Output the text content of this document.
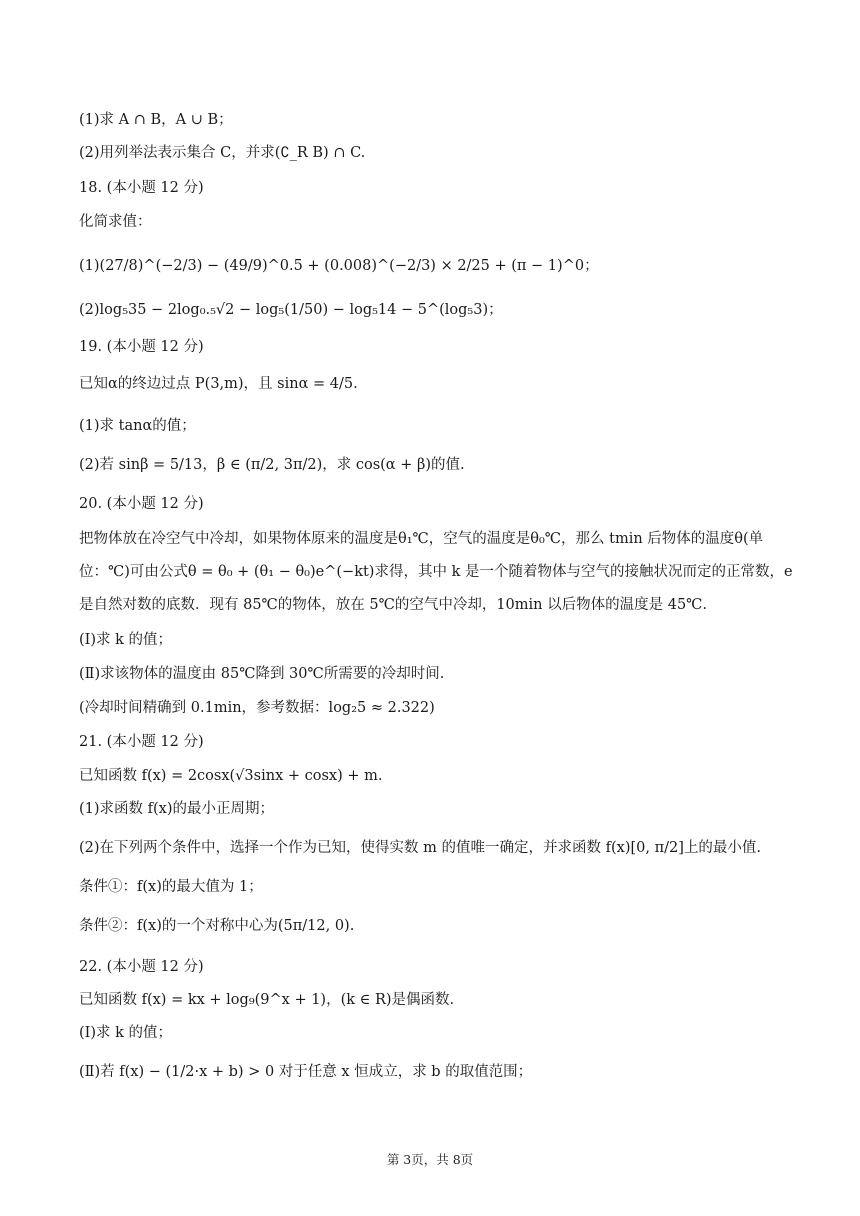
(1)求 A ∩ B，A ∪ B；
(2)用列举法表示集合 C，并求(∁_R B) ∩ C.
18. (本小题 12 分)
化简求值：
(1)(27/8)^(−2/3) − (49/9)^0.5 + (0.008)^(−2/3) × 2/25 + (π − 1)^0；
(2)log₅35 − 2log₀.₅√2 − log₅(1/50) − log₅14 − 5^(log₅3)；
19. (本小题 12 分)
已知α的终边过点 P(3,m)，且 sinα = 4/5.
(1)求 tanα的值；
(2)若 sinβ = 5/13，β ∈ (π/2, 3π/2)，求 cos(α + β)的值.
20. (本小题 12 分)
把物体放在冷空气中冷却，如果物体原来的温度是θ₁℃，空气的温度是θ₀℃，那么 tmin 后物体的温度θ(单
位：℃)可由公式θ = θ₀ + (θ₁ − θ₀)e^(−kt)求得，其中 k 是一个随着物体与空气的接触状况而定的正常数，e
是自然对数的底数．现有 85℃的物体，放在 5℃的空气中冷却，10min 以后物体的温度是 45℃.
(Ⅰ)求 k 的值；
(Ⅱ)求该物体的温度由 85℃降到 30℃所需要的冷却时间.
(冷却时间精确到 0.1min，参考数据：log₂5 ≈ 2.322)
21. (本小题 12 分)
已知函数 f(x) = 2cosx(√3sinx + cosx) + m.
(1)求函数 f(x)的最小正周期；
(2)在下列两个条件中，选择一个作为已知，使得实数 m 的值唯一确定，并求函数 f(x)[0, π/2]上的最小值.
条件①：f(x)的最大值为 1；
条件②：f(x)的一个对称中心为(5π/12, 0).
22. (本小题 12 分)
已知函数 f(x) = kx + log₉(9^x + 1)，(k ∈ R)是偶函数.
(Ⅰ)求 k 的值；
(Ⅱ)若 f(x) − (1/2·x + b) > 0 对于任意 x 恒成立，求 b 的取值范围；
第 3页，共 8页
